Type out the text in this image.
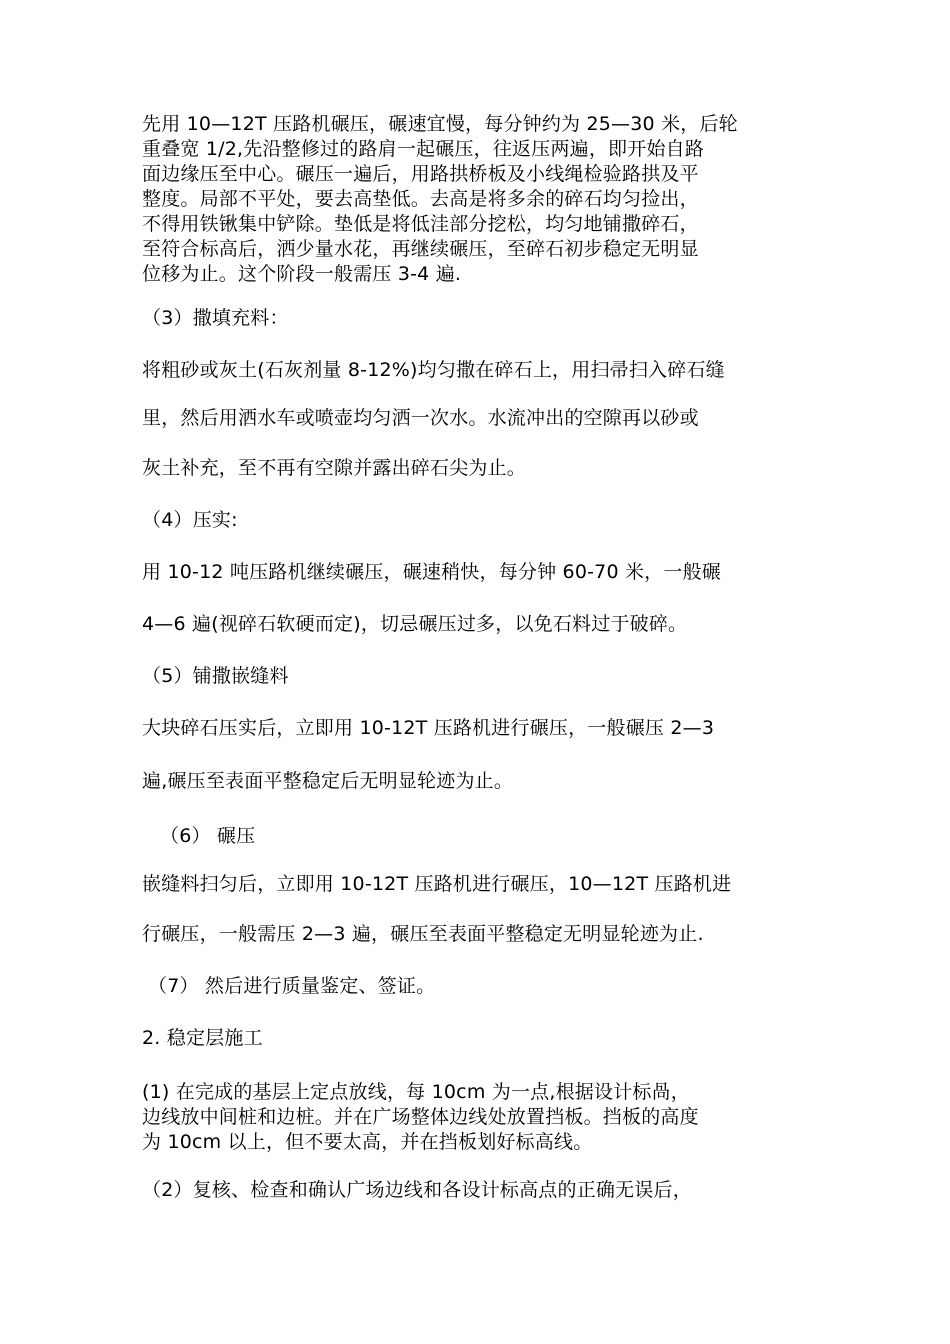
先用 10—12T 压路机碾压，碾速宜慢，每分钟约为 25—30 米，后轮
重叠宽 1/2,先沿整修过的路肩一起碾压，往返压两遍，即开始自路
面边缘压至中心。碾压一遍后，用路拱桥板及小线绳检验路拱及平
整度。局部不平处，要去高垫低。去高是将多余的碎石均匀捡出，
不得用铁锹集中铲除。垫低是将低洼部分挖松，均匀地铺撒碎石，
至符合标高后，洒少量水花，再继续碾压，至碎石初步稳定无明显
位移为止。这个阶段一般需压 3-4 遍.
（3）撒填充料：
将粗砂或灰土(石灰剂量 8-12%)均匀撒在碎石上，用扫帚扫入碎石缝
里，然后用洒水车或喷壶均匀洒一次水。水流冲出的空隙再以砂或
灰土补充，至不再有空隙并露出碎石尖为止。
（4）压实:
用 10-12 吨压路机继续碾压，碾速稍快，每分钟 60-70 米，一般碾
4—6 遍(视碎石软硬而定)，切忌碾压过多，以免石料过于破碎。
（5）铺撒嵌缝料
大块碎石压实后，立即用 10-12T 压路机进行碾压，一般碾压 2—3
遍,碾压至表面平整稳定后无明显轮迹为止。
（6） 碾压
嵌缝料扫匀后，立即用 10-12T 压路机进行碾压，10—12T 压路机进
行碾压，一般需压 2—3 遍，碾压至表面平整稳定无明显轮迹为止.
（7） 然后进行质量鉴定、签证。
2. 稳定层施工
(1) 在完成的基层上定点放线，每 10cm 为一点,根据设计标咼，
边线放中间桩和边桩。并在广场整体边线处放置挡板。挡板的高度
为 10cm 以上，但不要太高，并在挡板划好标高线。
（2）复核、检查和确认广场边线和各设计标高点的正确无误后，
